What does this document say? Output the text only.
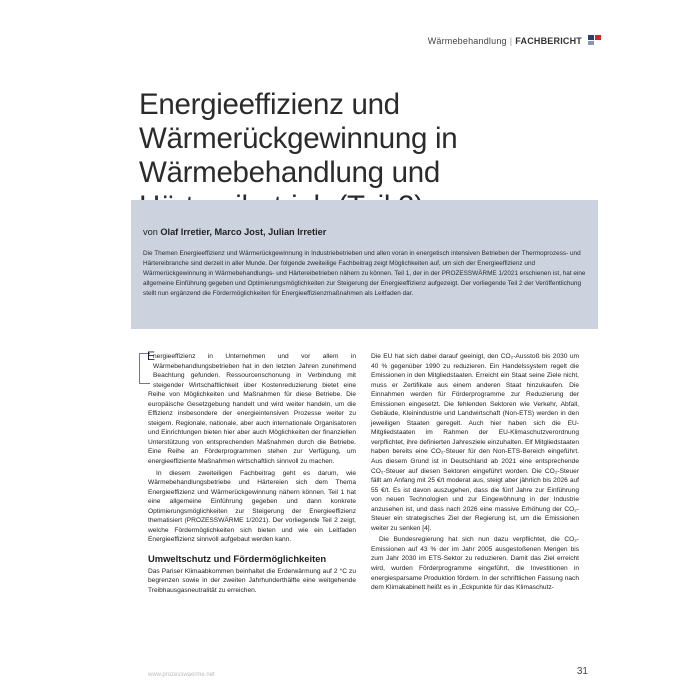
Wärmebehandlung | FACHBERICHT
Energieeffizienz und Wärmerückgewinnung in Wärmebehandlung und
von Olaf Irretier, Marco Jost, Julian Irretier

Die Themen Energieeffizienz und Wärmerückgewinnung in Industriebetrieben und allen voran in energetisch intensiven Betrieben der Thermoprozess- und Härtereibranche sind derzeit in aller Munde. Der folgende zweiteilige Fachbeitrag zeigt Möglichkeiten auf, um sich der Energieeffizienz und Wärmerückgewinnung in Wärmebehandlungs- und Härtereibetrieben nähern zu können. Teil 1, der in der PROZESSWÄRME 1/2021 erschienen ist, hat eine allgemeine Einführung gegeben und Optimierungsmöglichkeiten zur Steigerung der Energieeffizienz aufgezeigt. Der vorliegende Teil 2 der Veröffentlichung stellt nun ergänzend die Fördermöglichkeiten für Energieeffizienzmaßnahmen als Leitfaden dar.

E
nergieeffizienz in Unternehmen und vor allem in Wärmebehandlungsbetrieben hat in den letzten Jahren zunehmend Beachtung gefunden. Ressourcenschonung in Verbindung mit steigender Wirtschaftlichkeit über Kostenreduzierung bietet eine Reihe von Möglichkeiten und Maßnahmen für diese Betriebe. Die europäische Gesetzgebung handelt und wird weiter handeln, um die Effizienz insbesondere der energieintensiven Prozesse weiter zu steigern. Regionale, nationale, aber auch internationale Organisatoren und Einrichtungen bieten hier aber auch Möglichkeiten der finanziellen Unterstützung von entsprechenden Maßnahmen durch die Betriebe. Eine Reihe an Förderprogrammen stehen zur Verfügung, um energieeffiziente Maßnahmen wirtschaftlich sinnvoll zu machen.

In diesem zweiteiligen Fachbeitrag geht es darum, wie Wärmebehandlungsbetriebe und Härtereien sich dem Thema Energieeffizienz und Wärmerückgewinnung nähern können. Teil 1 hat eine allgemeine Einführung gegeben und dann konkrete Optimierungsmöglichkeiten zur Steigerung der Energieeffizienz thematisiert (PROZESSWÄRME 1/2021). Der vorliegende Teil 2 zeigt, welche Fördermöglichkeiten sich bieten und wie ein Leitfaden Energieeffizienz sinnvoll aufgebaut werden kann.

Umweltschutz und Fördermöglichkeiten

Das Pariser Klimaabkommen beinhaltet die Erderwärmung auf 2 °C zu begrenzen sowie in der zweiten Jahrhunderthälfte eine weitgehende Treibhausgasneutralität zu erreichen.

Die EU hat sich dabei darauf geeinigt, den CO₂-Ausstoß bis 2030 um 40 % gegenüber 1990 zu reduzieren. Ein Handelssystem regelt die Emissionen in den Mitgliedstaaten. Erreicht ein Staat seine Ziele nicht, muss er Zertifikate aus einem anderen Staat hinzukaufen. Die Einnahmen werden für Förderprogramme zur Reduzierung der Emissionen eingesetzt. Die fehlenden Sektoren wie Verkehr, Abfall, Gebäude, Kleinindustrie und Landwirtschaft (Non-ETS) werden in den jeweiligen Staaten geregelt. Auch hier haben sich die EU-Mitgliedstaaten im Rahmen der EU-Klimaschutzverordnung verpflichtet, ihre definierten Jahresziele einzuhalten. Elf Mitgliedstaaten haben bereits eine CO₂-Steuer für den Non-ETS-Bereich eingeführt. Aus diesem Grund ist in Deutschland ab 2021 eine entsprechende CO₂-Steuer auf diesen Sektoren eingeführt worden. Die CO₂-Steuer fällt am Anfang mit 25 €/t moderat aus, steigt aber jährlich bis 2026 auf 55 €/t. Es ist davon auszugehen, dass die fünf Jahre zur Einführung von neuen Technologien und zur Eingewöhnung in der Industrie anzusehen ist, und dass nach 2026 eine massive Erhöhung der CO₂-Steuer ein strategisches Ziel der Regierung ist, um die Emissionen weiter zu senken [4].

Die Bundesregierung hat sich nun dazu verpflichtet, die CO₂-Emissionen auf 43 % der im Jahr 2005 ausgestoßenen Mengen bis zum Jahr 2030 im ETS-Sektor zu reduzieren. Damit das Ziel erreicht wird, wurden Förderprogramme eingeführt, die Investitionen in energiesparsame Produktion fördern. In der schriftlichen Fassung nach dem Klimakabinett heißt es in „Eckpunkte für das Klimaschutz-

www.prozesswaerme.net	31
